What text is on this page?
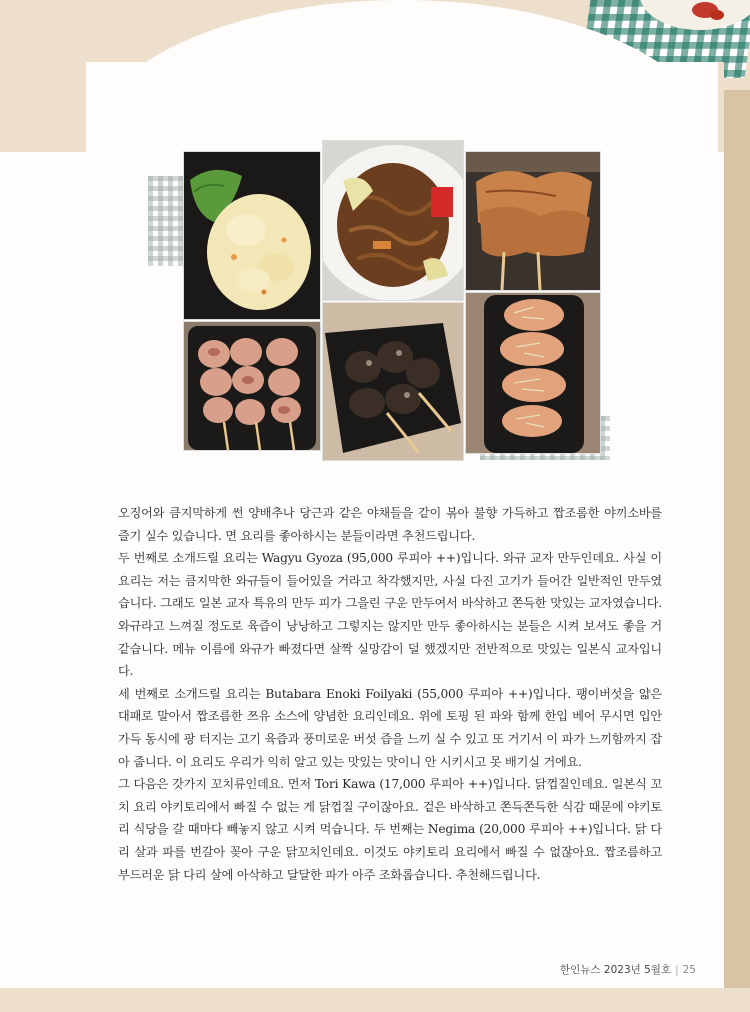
오징어와 큼지막하게 썬 양배추나 당근과 같은 야채들을 같이 볶아 불향 가득하고 짭조롬한 야끼소바를 즐기 실수 있습니다. 면 요리를 좋아하시는 분들이라면 추천드립니다.

두 번째로 소개드릴 요리는 Wagyu Gyoza (95,000 루피아 ++)입니다. 와규 교자 만두인데요. 사실 이 요리는 저는 큼지막한 와규들이 들어있을 거라고 착각했지만, 사실 다진 고기가 들어간 일반적인 만두였습니다. 그래도 일본 교자 특유의 만두 피가 그을린 구운 만두여서 바삭하고 쫀득한 맛있는 교자였습니다. 와규라고 느껴질 정도로 육즙이 낭낭하고 그렇지는 않지만 만두 좋아하시는 분들은 시켜 보셔도 좋을 거 같습니다. 메뉴 이름에 와규가 빠졌다면 살짝 실망감이 덜 했겠지만 전반적으로 맛있는 일본식 교자입니다.

세 번째로 소개드릴 요리는 Butabara Enoki Foilyaki (55,000 루피아 ++)입니다. 팽이버섯을 얇은 대패로 말아서 짭조름한 쯔유 소스에 양념한 요리인데요. 위에 토핑 된 파와 함께 한입 베어 무시면 입안 가득 동시에 팡 터지는 고기 육즙과 풍미로운 버섯 즙을 느끼 실 수 있고 또 거기서 이 파가 느끼함까지 잡아 줍니다. 이 요리도 우리가 익히 알고 있는 맛있는 맛이니 안 시키시고 못 배기실 거에요.

그 다음은 갓가지 꼬치류인데요. 먼저 Tori Kawa (17,000 루피아 ++)입니다. 닭껍질인데요. 일본식 꼬치 요리 야키토리에서 빠질 수 없는 게 닭껍질 구이잖아요. 겉은 바삭하고 쫀득쫀득한 식감 때문에 야키토리 식당을 갈 때마다 빼놓지 않고 시켜 먹습니다. 두 번째는 Negima (20,000 루피아 ++)입니다. 닭 다리 살과 파를 번갈아 꽂아 구운 닭꼬치인데요. 이것도 야키토리 요리에서 빠질 수 없잖아요. 짭조름하고 부드러운 닭 다리 살에 아삭하고 달달한 파가 아주 조화롭습니다. 추천해드립니다.

한인뉴스 2023년 5월호 | 25
